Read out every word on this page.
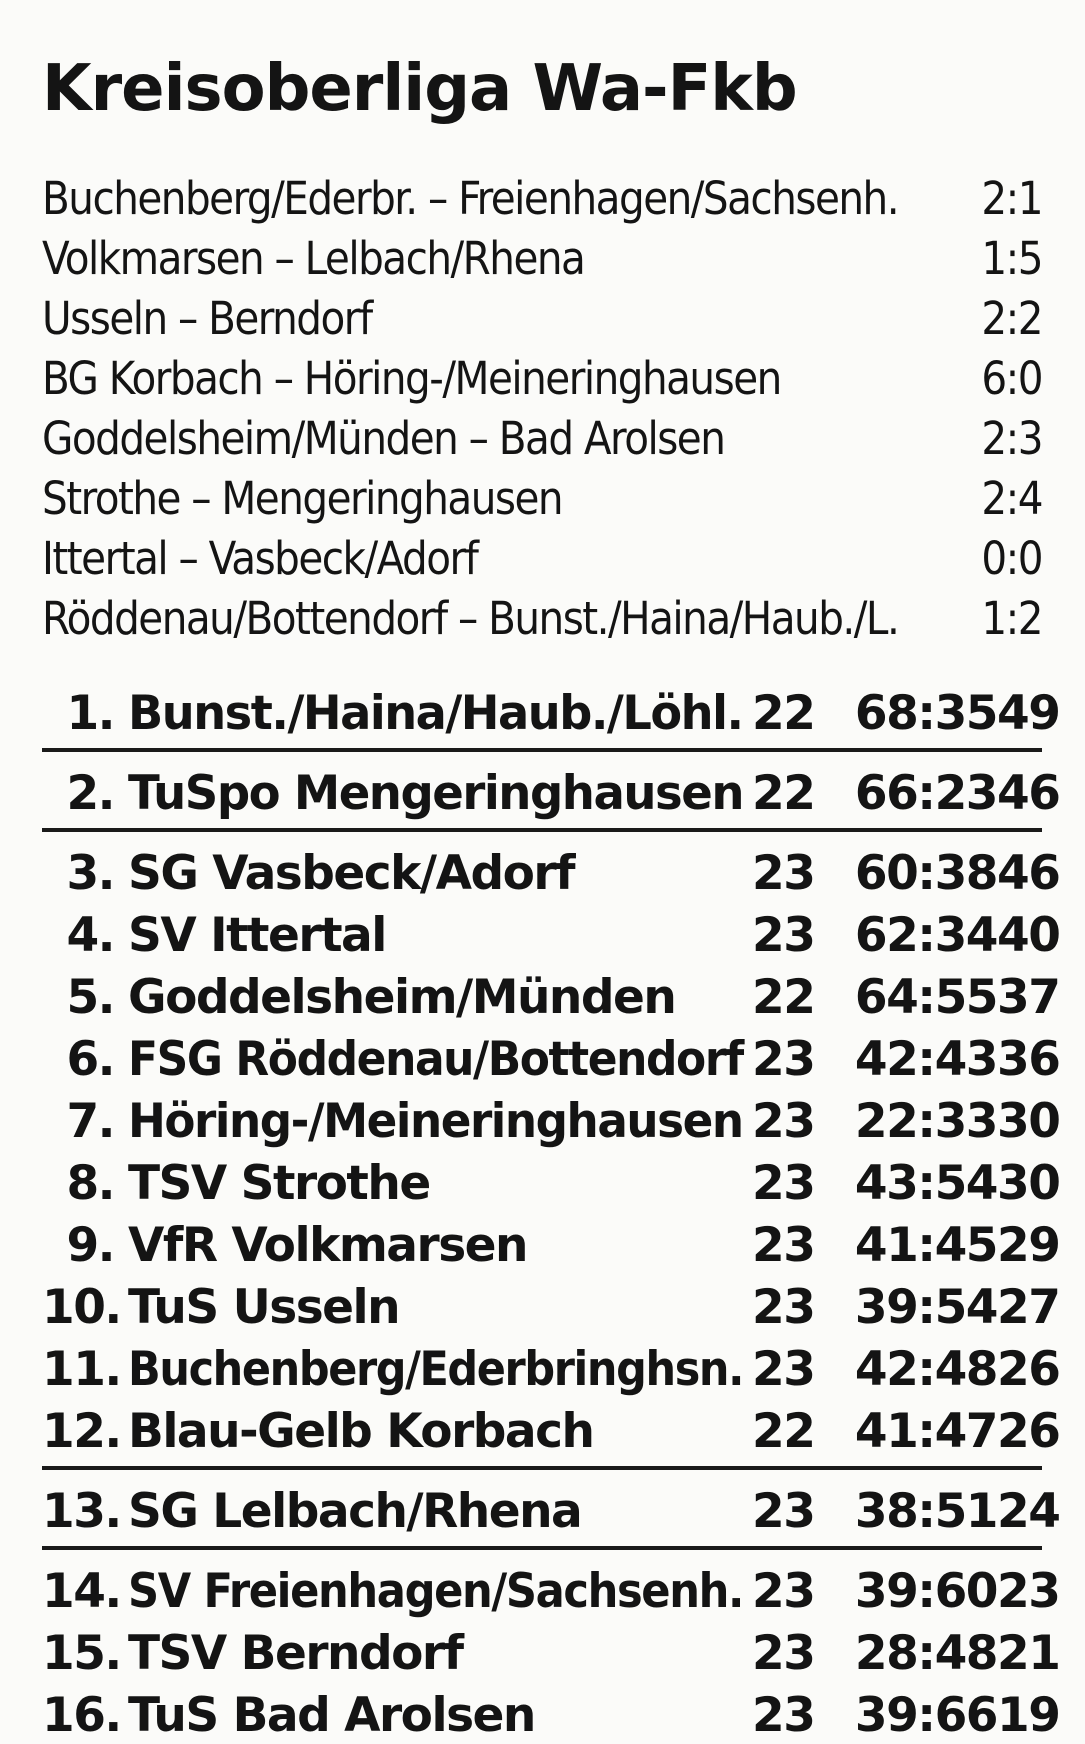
Kreisoberliga Wa-Fkb
Buchenberg/Ederbr. – Freienhagen/Sachsenh. 2:1
Volkmarsen – Lelbach/Rhena	1:5
Usseln – Berndorf	2:2
BG Korbach – Höring-/Meineringhausen	6:0
Goddelsheim/Münden – Bad Arolsen	2:3
Strothe – Mengeringhausen	2:4
Ittertal – Vasbeck/Adorf	0:0
Röddenau/Bottendorf – Bunst./Haina/Haub./L. 1:2
1. Bunst./Haina/Haub./Löhl. 22 68:35 49
2. TuSpo Mengeringhausen 22 66:23 46
3. SG Vasbeck/Adorf	23 60:38 46
4. SV Ittertal	23 62:34 40
5. Goddelsheim/Münden 22 64:55 37
6. FSG Röddenau/Bottendorf 23 42:43 36
7. Höring-/Meineringhausen 23 22:33 30
8. TSV Strothe	23 43:54 30
9. VfR Volkmarsen	23 41:45 29
10. TuS Usseln	23 39:54 27
11. Buchenberg/Ederbringhsn. 23 42:48 26
12. Blau-Gelb Korbach	22 41:47 26
13. SG Lelbach/Rhena	23 38:51 24
14. SV Freienhagen/Sachsenh. 23 39:60 23
15. TSV Berndorf	23 28:48 21
16. TuS Bad Arolsen	23 39:66 19
